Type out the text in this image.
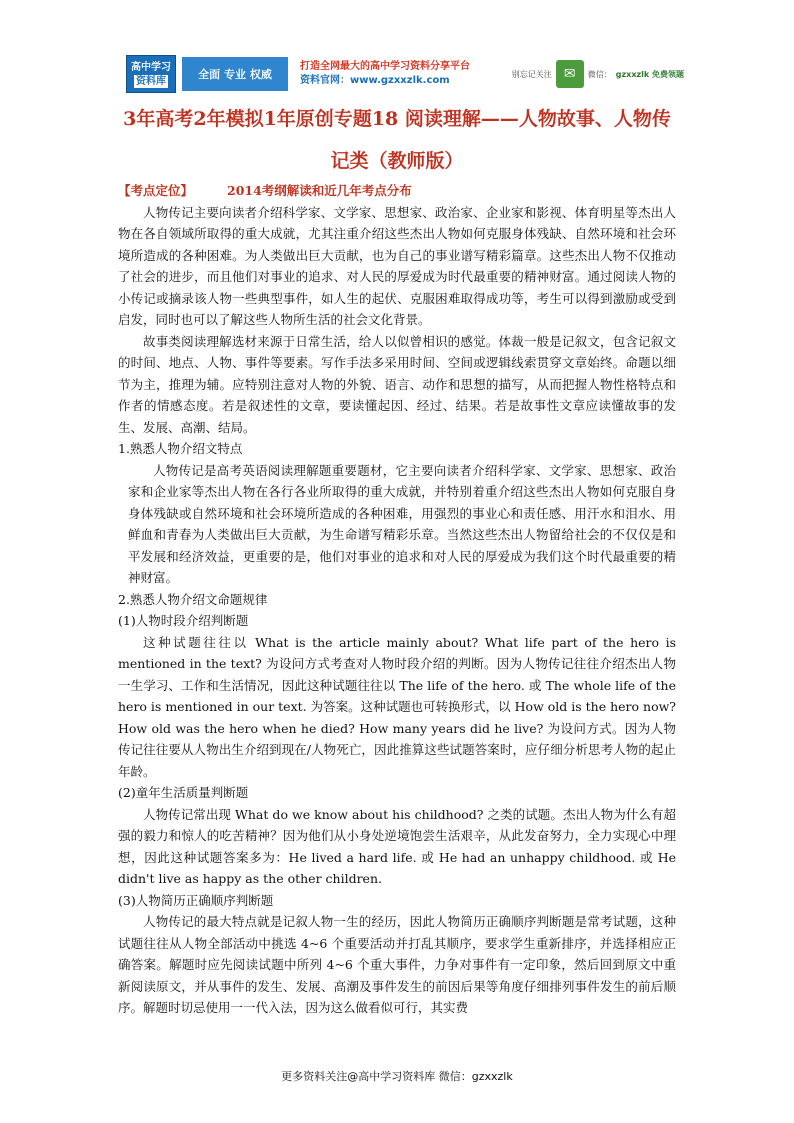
高中学习
资料库	全面 专业 权威
打造全网最大的高中学习资料分享平台
资料官网：www.gzxxzlk.com
别忘记关注 ✉	微信： gzxxzlk 免费领题
3年高考2年模拟1年原创专题18 阅读理解——人物故事、人物传
记类（教师版）

【考点定位】	2014考纲解读和近几年考点分布

人物传记主要向读者介绍科学家、文学家、思想家、政治家、企业家和影视、体育明星等杰出人物在各自领域所取得的重大成就，尤其注重介绍这些杰出人物如何克服身体残缺、自然环境和社会环境所造成的各种困难。为人类做出巨大贡献，也为自己的事业谱写精彩篇章。这些杰出人物不仅推动了社会的进步，而且他们对事业的追求、对人民的厚爱成为时代最重要的精神财富。通过阅读人物的小传记或摘录该人物一些典型事件，如人生的起伏、克服困难取得成功等，考生可以得到激励或受到启发，同时也可以了解这些人物所生活的社会文化背景。

故事类阅读理解选材来源于日常生活，给人以似曾相识的感觉。体裁一般是记叙文，包含记叙文的时间、地点、人物、事件等要素。写作手法多采用时间、空间或逻辑线索贯穿文章始终。命题以细节为主，推理为辅。应特别注意对人物的外貌、语言、动作和思想的描写，从而把握人物性格特点和作者的情感态度。若是叙述性的文章，要读懂起因、经过、结果。若是故事性文章应读懂故事的发生、发展、高潮、结局。

1.熟悉人物介绍文特点

人物传记是高考英语阅读理解题重要题材，它主要向读者介绍科学家、文学家、思想家、政治家和企业家等杰出人物在各行各业所取得的重大成就，并特别着重介绍这些杰出人物如何克服自身身体残缺或自然环境和社会环境所造成的各种困难，用强烈的事业心和责任感、用汗水和泪水、用鲜血和青春为人类做出巨大贡献，为生命谱写精彩乐章。当然这些杰出人物留给社会的不仅仅是和平发展和经济效益，更重要的是，他们对事业的追求和对人民的厚爱成为我们这个时代最重要的精神财富。

2.熟悉人物介绍文命题规律

(1)人物时段介绍判断题

这种试题往往以 What is the article mainly about? What life part of the hero is mentioned in the text? 为设问方式考查对人物时段介绍的判断。因为人物传记往往介绍杰出人物一生学习、工作和生活情况，因此这种试题往往以 The life of the hero. 或 The whole life of the hero is mentioned in our text. 为答案。这种试题也可转换形式，以 How old is the hero now? How old was the hero when he died? How many years did he live? 为设问方式。因为人物传记往往要从人物出生介绍到现在/人物死亡，因此推算这些试题答案时，应仔细分析思考人物的起止年龄。

(2)童年生活质量判断题

人物传记常出现 What do we know about his childhood? 之类的试题。杰出人物为什么有超强的毅力和惊人的吃苦精神？因为他们从小身处逆境饱尝生活艰辛，从此发奋努力，全力实现心中理想，因此这种试题答案多为：He lived a hard life. 或 He had an unhappy childhood. 或 He didn't live as happy as the other children.

(3)人物简历正确顺序判断题

人物传记的最大特点就是记叙人物一生的经历，因此人物简历正确顺序判断题是常考试题，这种试题往往从人物全部活动中挑选 4~6 个重要活动并打乱其顺序，要求学生重新排序，并选择相应正确答案。解题时应先阅读试题中所列 4~6 个重大事件，力争对事件有一定印象，然后回到原文中重新阅读原文，并从事件的发生、发展、高潮及事件发生的前因后果等角度仔细排列事件发生的前后顺序。解题时切忌使用一一代入法，因为这么做看似可行，其实费

更多资料关注@高中学习资料库 微信：gzxxzlk
